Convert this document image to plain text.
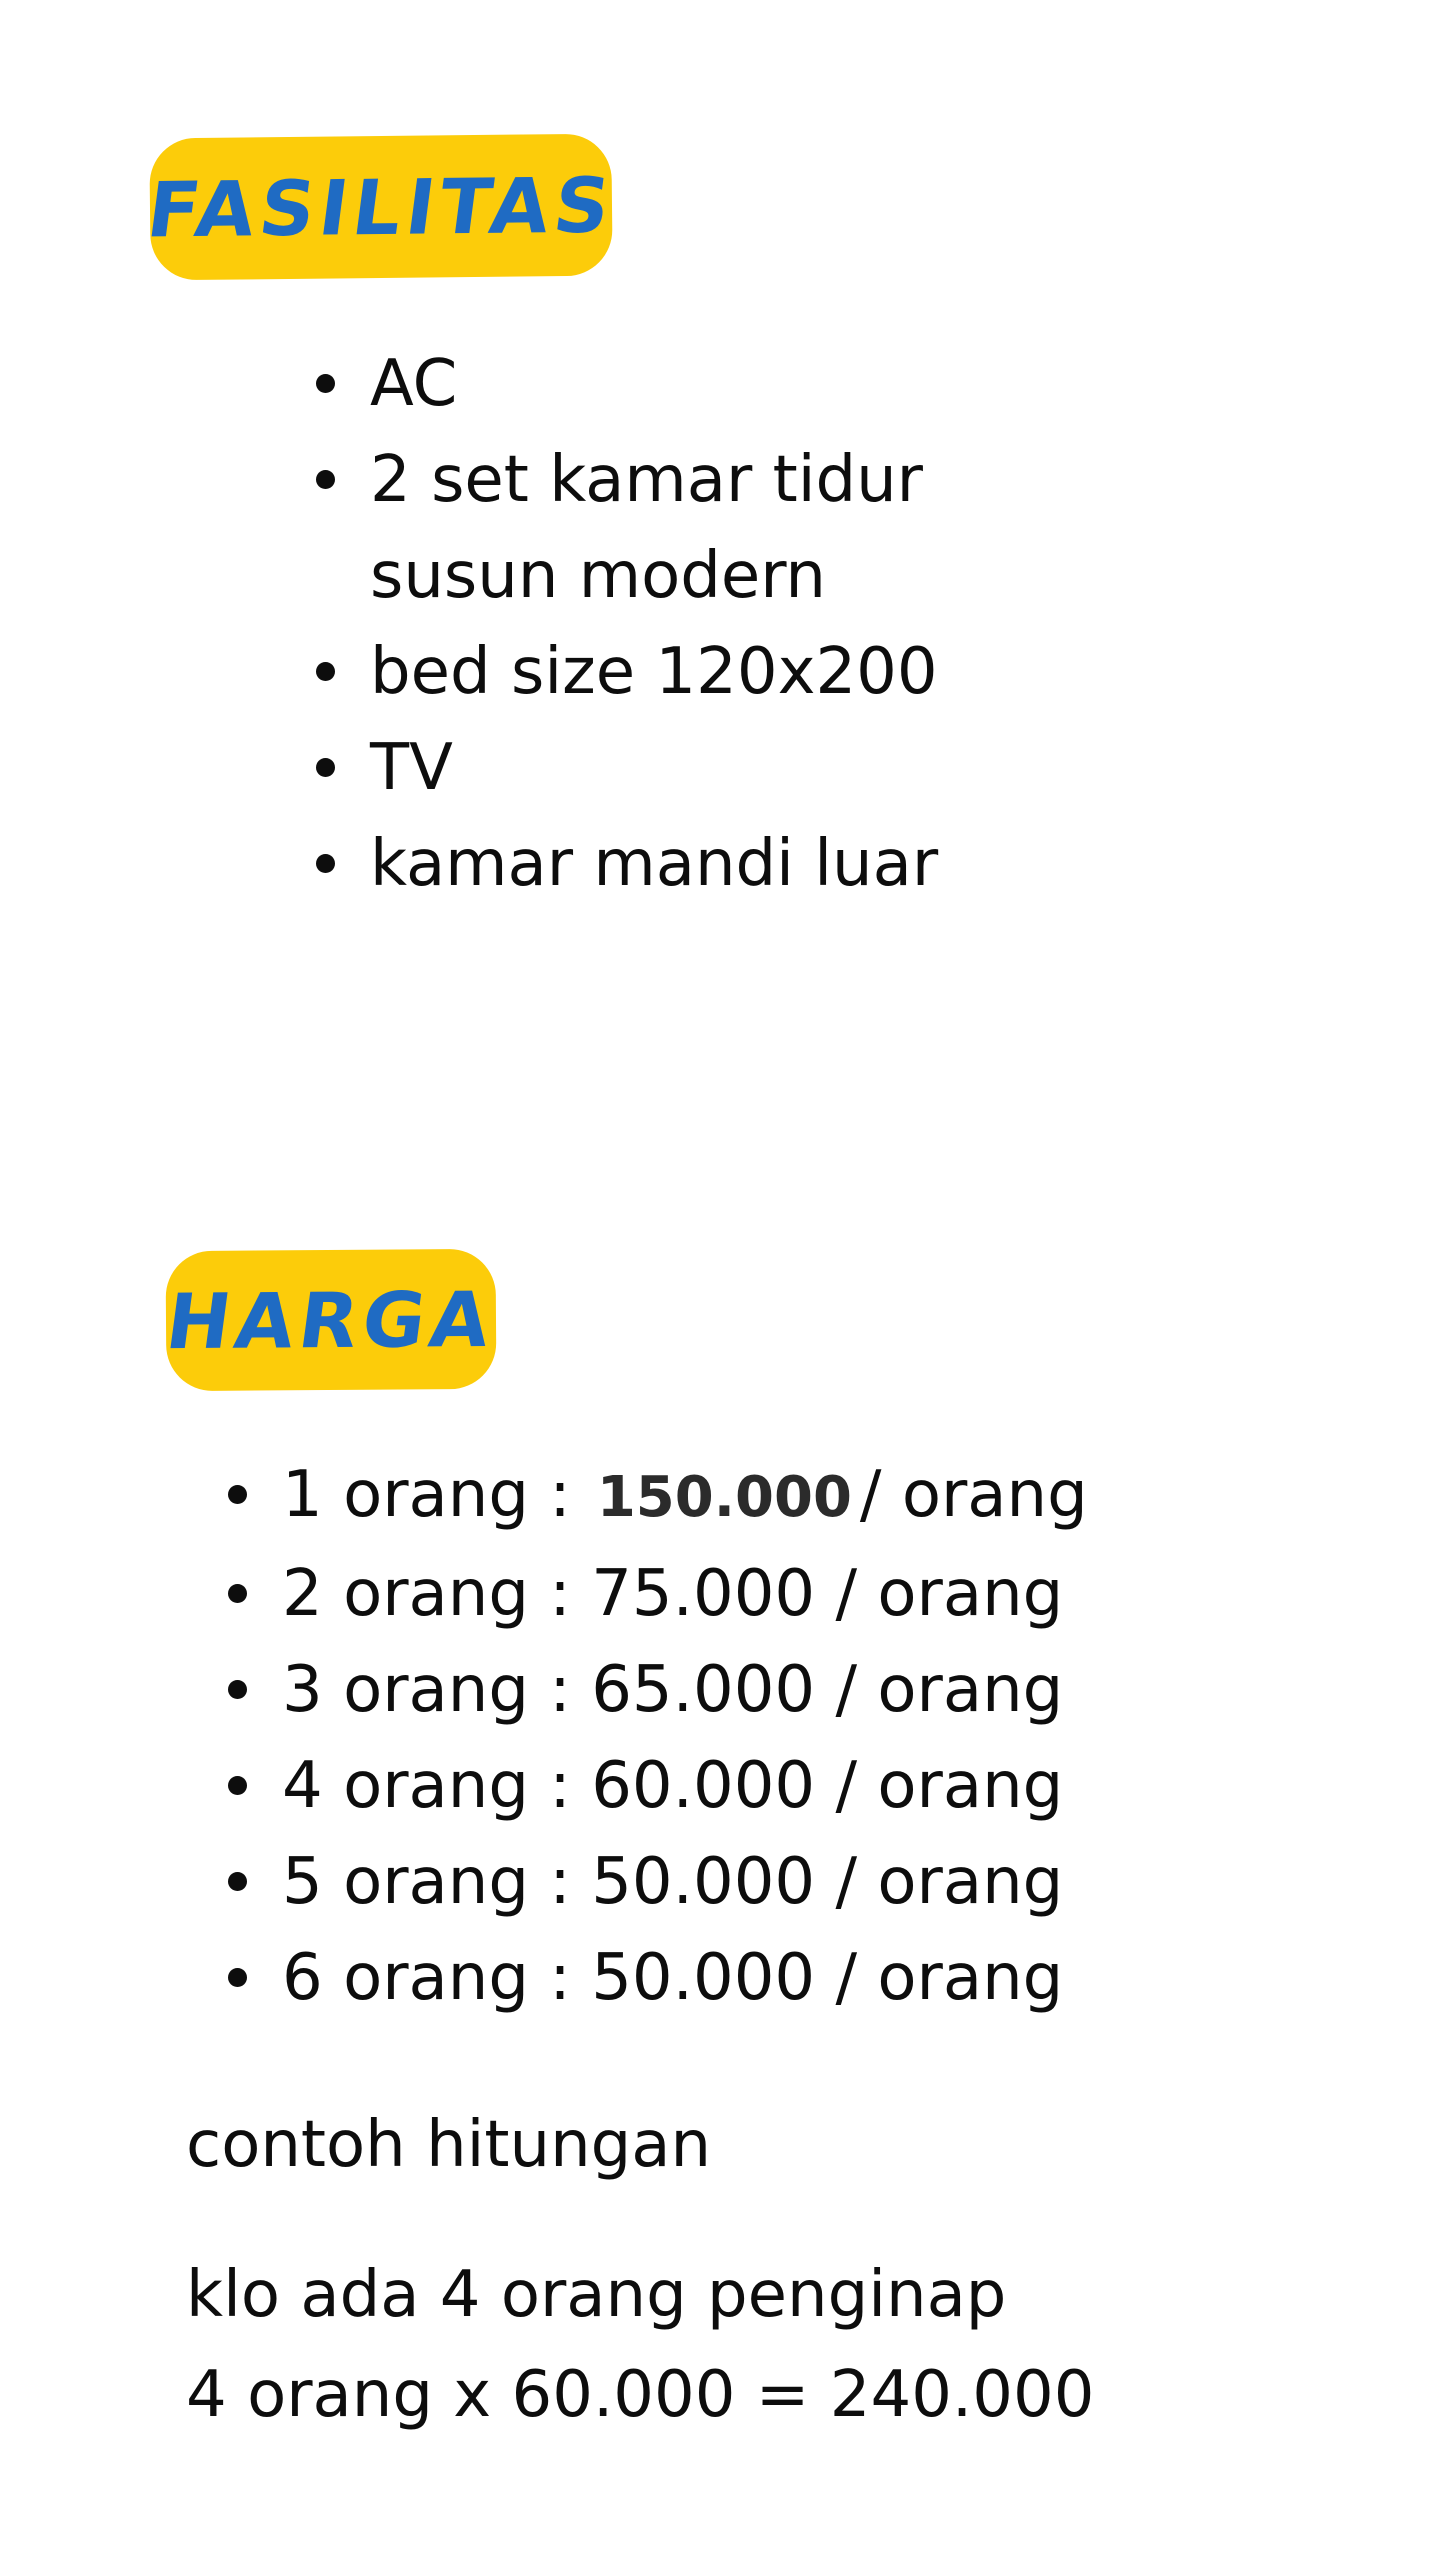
FASILITAS
AC
2 set kamar tidur
susun modern
bed size 120x200
TV
kamar mandi luar
HARGA
1 orang : 150.000 / orang
2 orang : 75.000 / orang
3 orang : 65.000 / orang
4 orang : 60.000 / orang
5 orang : 50.000 / orang
6 orang : 50.000 / orang

contoh hitungan

klo ada 4 orang penginap

4 orang x 60.000 = 240.000
